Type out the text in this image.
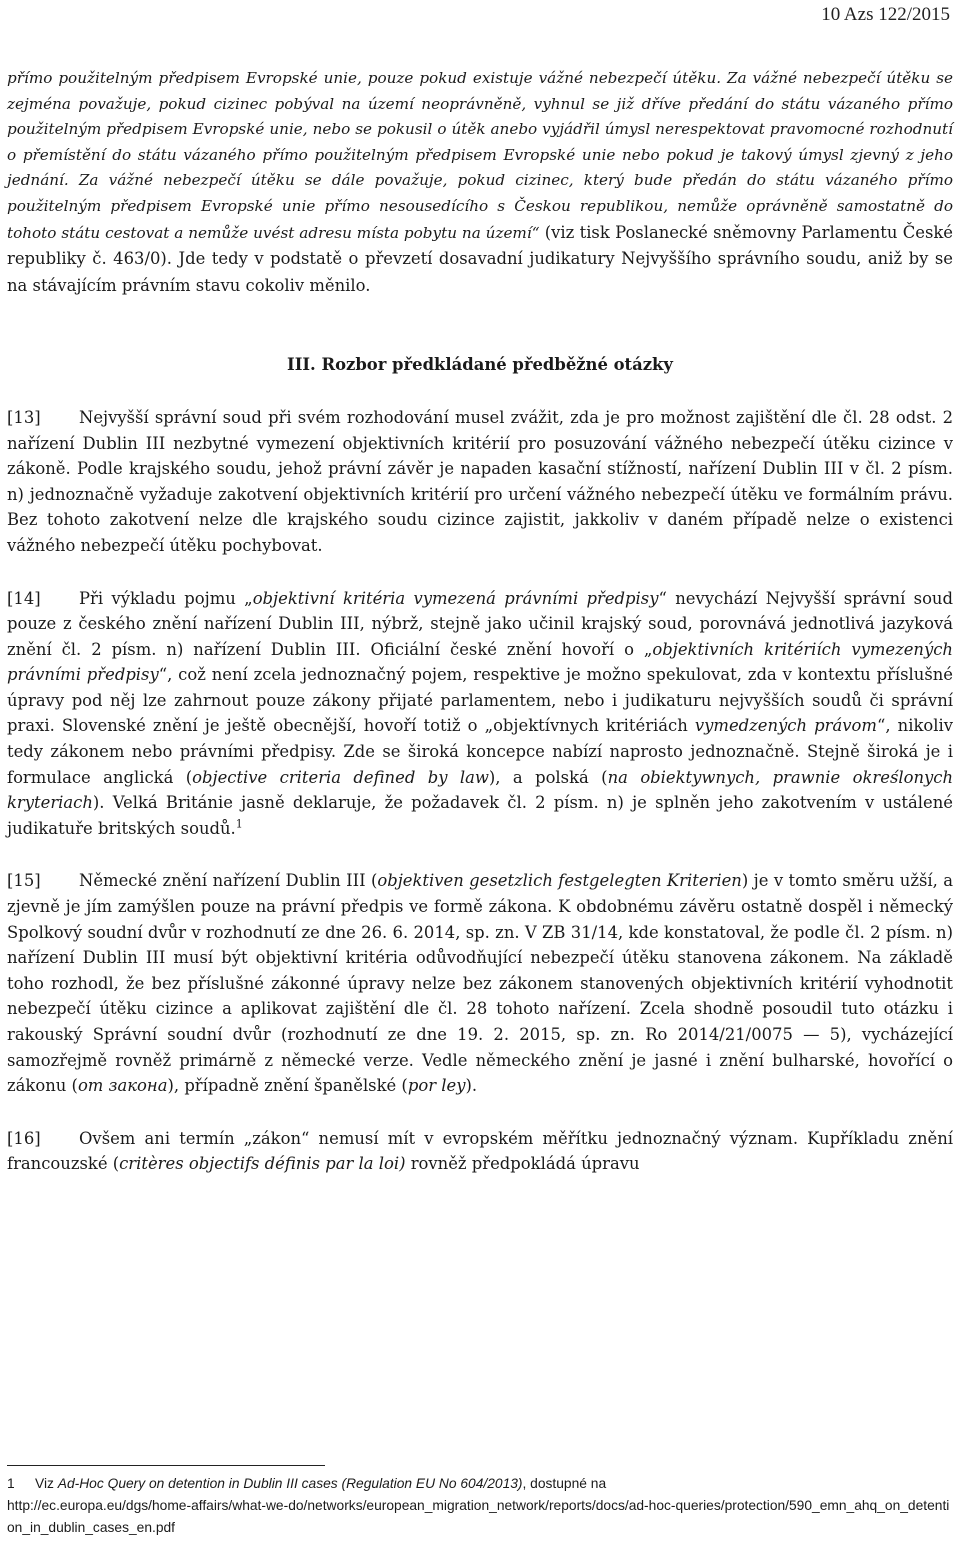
10 Azs 122/2015

přímo použitelným předpisem Evropské unie, pouze pokud existuje vážné nebezpečí útěku. Za vážné nebezpečí útěku se zejména považuje, pokud cizinec pobýval na území neoprávněně, vyhnul se již dříve předání do státu vázaného přímo použitelným předpisem Evropské unie, nebo se pokusil o útěk anebo vyjádřil úmysl nerespektovat pravomocné rozhodnutí o přemístění do státu vázaného přímo použitelným předpisem Evropské unie nebo pokud je takový úmysl zjevný z jeho jednání. Za vážné nebezpečí útěku se dále považuje, pokud cizinec, který bude předán do státu vázaného přímo použitelným předpisem Evropské unie přímo nesousedícího s Českou republikou, nemůže oprávněně samostatně do tohoto státu cestovat a nemůže uvést adresu místa pobytu na území“ (viz tisk Poslanecké sněmovny Parlamentu České republiky č. 463/0). Jde tedy v podstatě o převzetí dosavadní judikatury Nejvyššího správního soudu, aniž by se na stávajícím právním stavu cokoliv měnilo.

III. Rozbor předkládané předběžné otázky

[13] Nejvyšší správní soud při svém rozhodování musel zvážit, zda je pro možnost zajištění dle čl. 28 odst. 2 nařízení Dublin III nezbytné vymezení objektivních kritérií pro posuzování vážného nebezpečí útěku cizince v zákoně. Podle krajského soudu, jehož právní závěr je napaden kasační stížností, nařízení Dublin III v čl. 2 písm. n) jednoznačně vyžaduje zakotvení objektivních kritérií pro určení vážného nebezpečí útěku ve formálním právu. Bez tohoto zakotvení nelze dle krajského soudu cizince zajistit, jakkoliv v daném případě nelze o existenci vážného nebezpečí útěku pochybovat.

[14] Při výkladu pojmu „objektivní kritéria vymezená právními předpisy“ nevychází Nejvyšší správní soud pouze z českého znění nařízení Dublin III, nýbrž, stejně jako učinil krajský soud, porovnává jednotlivá jazyková znění čl. 2 písm. n) nařízení Dublin III. Oficiální české znění hovoří o „objektivních kritériích vymezených právními předpisy“, což není zcela jednoznačný pojem, respektive je možno spekulovat, zda v kontextu příslušné úpravy pod něj lze zahrnout pouze zákony přijaté parlamentem, nebo i judikaturu nejvyšších soudů či správní praxi. Slovenské znění je ještě obecnější, hovoří totiž o „objektívnych kritériách vymedzených právom“, nikoliv tedy zákonem nebo právními předpisy. Zde se široká koncepce nabízí naprosto jednoznačně. Stejně široká je i formulace anglická (objective criteria defined by law), a polská (na obiektywnych, prawnie określonych kryteriach). Velká Británie jasně deklaruje, že požadavek čl. 2 písm. n) je splněn jeho zakotvením v ustálené judikatuře britských soudů.$^1$

[15] Německé znění nařízení Dublin III (objektiven gesetzlich festgelegten Kriterien) je v tomto směru užší, a zjevně je jím zamýšlen pouze na právní předpis ve formě zákona. K obdobnému závěru ostatně dospěl i německý Spolkový soudní dvůr v rozhodnutí ze dne 26. 6. 2014, sp. zn. V ZB 31/14, kde konstatoval, že podle čl. 2 písm. n) nařízení Dublin III musí být objektivní kritéria odůvodňující nebezpečí útěku stanovena zákonem. Na základě toho rozhodl, že bez příslušné zákonné úpravy nelze bez zákonem stanovených objektivních kritérií vyhodnotit nebezpečí útěku cizince a aplikovat zajištění dle čl. 28 tohoto nařízení. Zcela shodně posoudil tuto otázku i rakouský Správní soudní dvůr (rozhodnutí ze dne 19. 2. 2015, sp. zn. Ro 2014/21/0075 — 5), vycházející samozřejmě rovněž primárně z německé verze. Vedle německého znění je jasné i znění bulharské, hovořící o zákonu (от закона), případně znění španělské (por ley).

[16] Ovšem ani termín „zákon“ nemusí mít v evropském měřítku jednoznačný význam. Kupříkladu znění francouzské (critères objectifs définis par la loi) rovněž předpokládá úpravu

1 Viz Ad-Hoc Query on detention in Dublin III cases (Regulation EU No 604/2013), dostupné na
http://ec.europa.eu/dgs/home-affairs/what-we-do/networks/european_migration_network/reports/docs/ad-hoc-queries/protection/590_emn_ahq_on_detention_in_dublin_cases_en.pdf
